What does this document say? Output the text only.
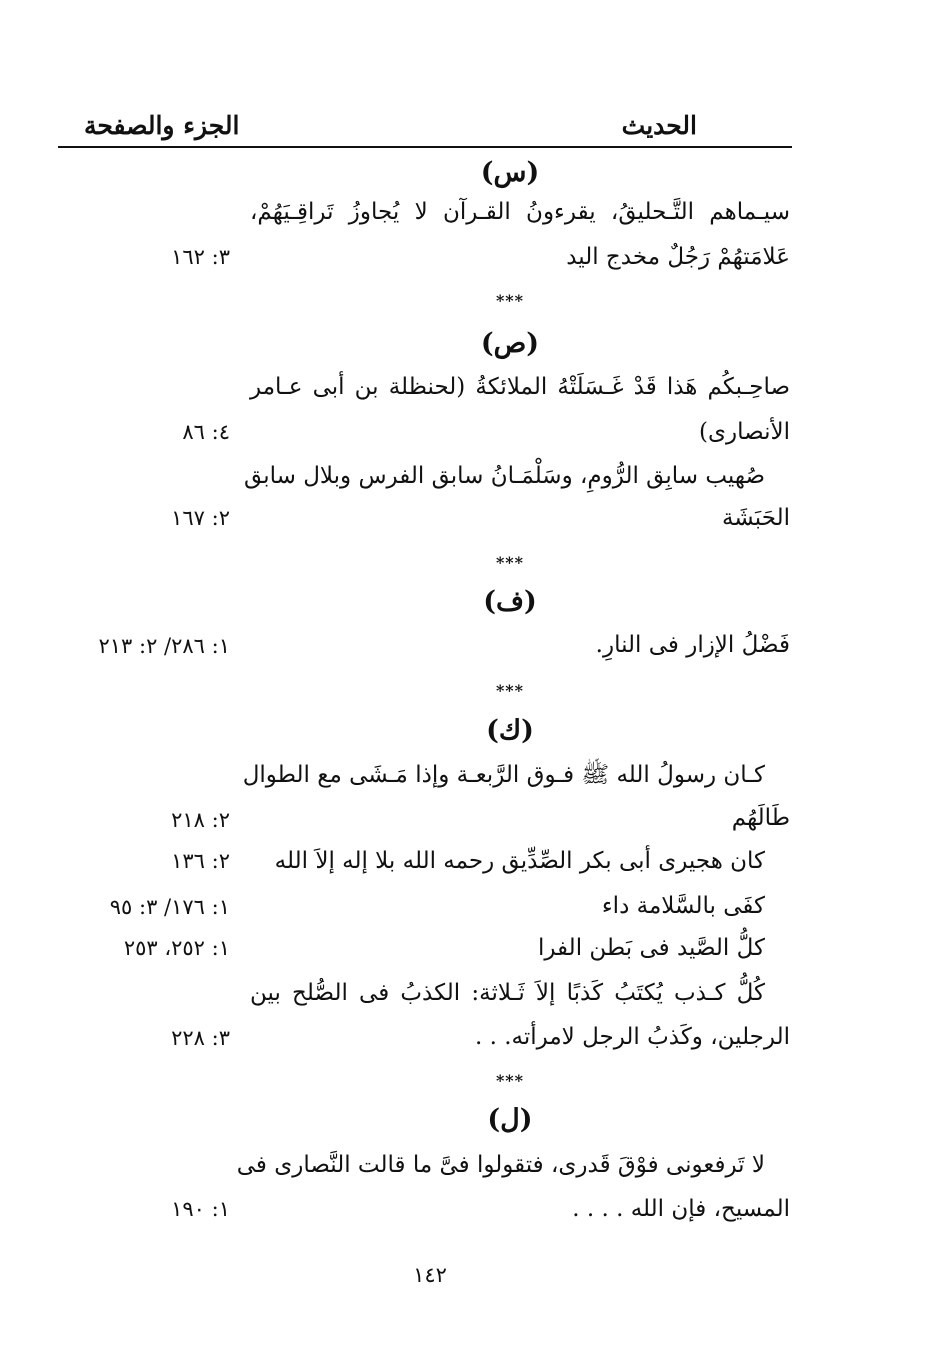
الحديث
الجزء والصفحة
(س)
سيـماهم التَّـحليقُ، يقرءونُ القـرآن لا يُجاوزُ تَراقِـيَهُمْ،
عَلامَتهُمْ رَجُلٌ مخدج اليد
٣: ١٦٢
***
(ص)
صاحِـبكُم هَذا قَدْ غَـسَلَتْهُ الملائكةُ (لحنظلة بن أبى عـامر
الأنصارى)
٤: ٨٦
صُهيب سابِق الرُّومِ، وسَلْمَـانُ سابق الفرس وبلال سابق
الحَبَشَة
٢: ١٦٧
***
(ف)
فَضْلُ الإزار فى النارِ.
١: ٢٨٦/ ٢: ٢١٣
***
(ك)
كـان رسولُ الله ﷺ فـوق الرَّبعـة وإذا مَـشَى مع الطوال
طَالَهُم
٢: ٢١٨
كان هجيرى أبى بكر الصِّدِّيق رحمه الله بلا إله إلاَ الله
٢: ١٣٦
كفَى بالسَّلامة داء
١: ١٧٦/ ٣: ٩٥
كلُّ الصَّيد فى بَطن الفرا
١: ٢٥٢، ٢٥٣
كُلُّ كـذب يُكتَبُ كَذبًا إلاَ ثَـلاثة: الكذبُ فى الصُّلح بين
الرجلين، وكَذبُ الرجل لامرأته. . .
٣: ٢٢٨
***
(ل)
لا تَرفعونى فوْقَ قَدرى، فتقولوا فىَّ ما قالت النَّصارى فى
المسيح، فإن الله . . . .
١: ١٩٠
١٤٢
